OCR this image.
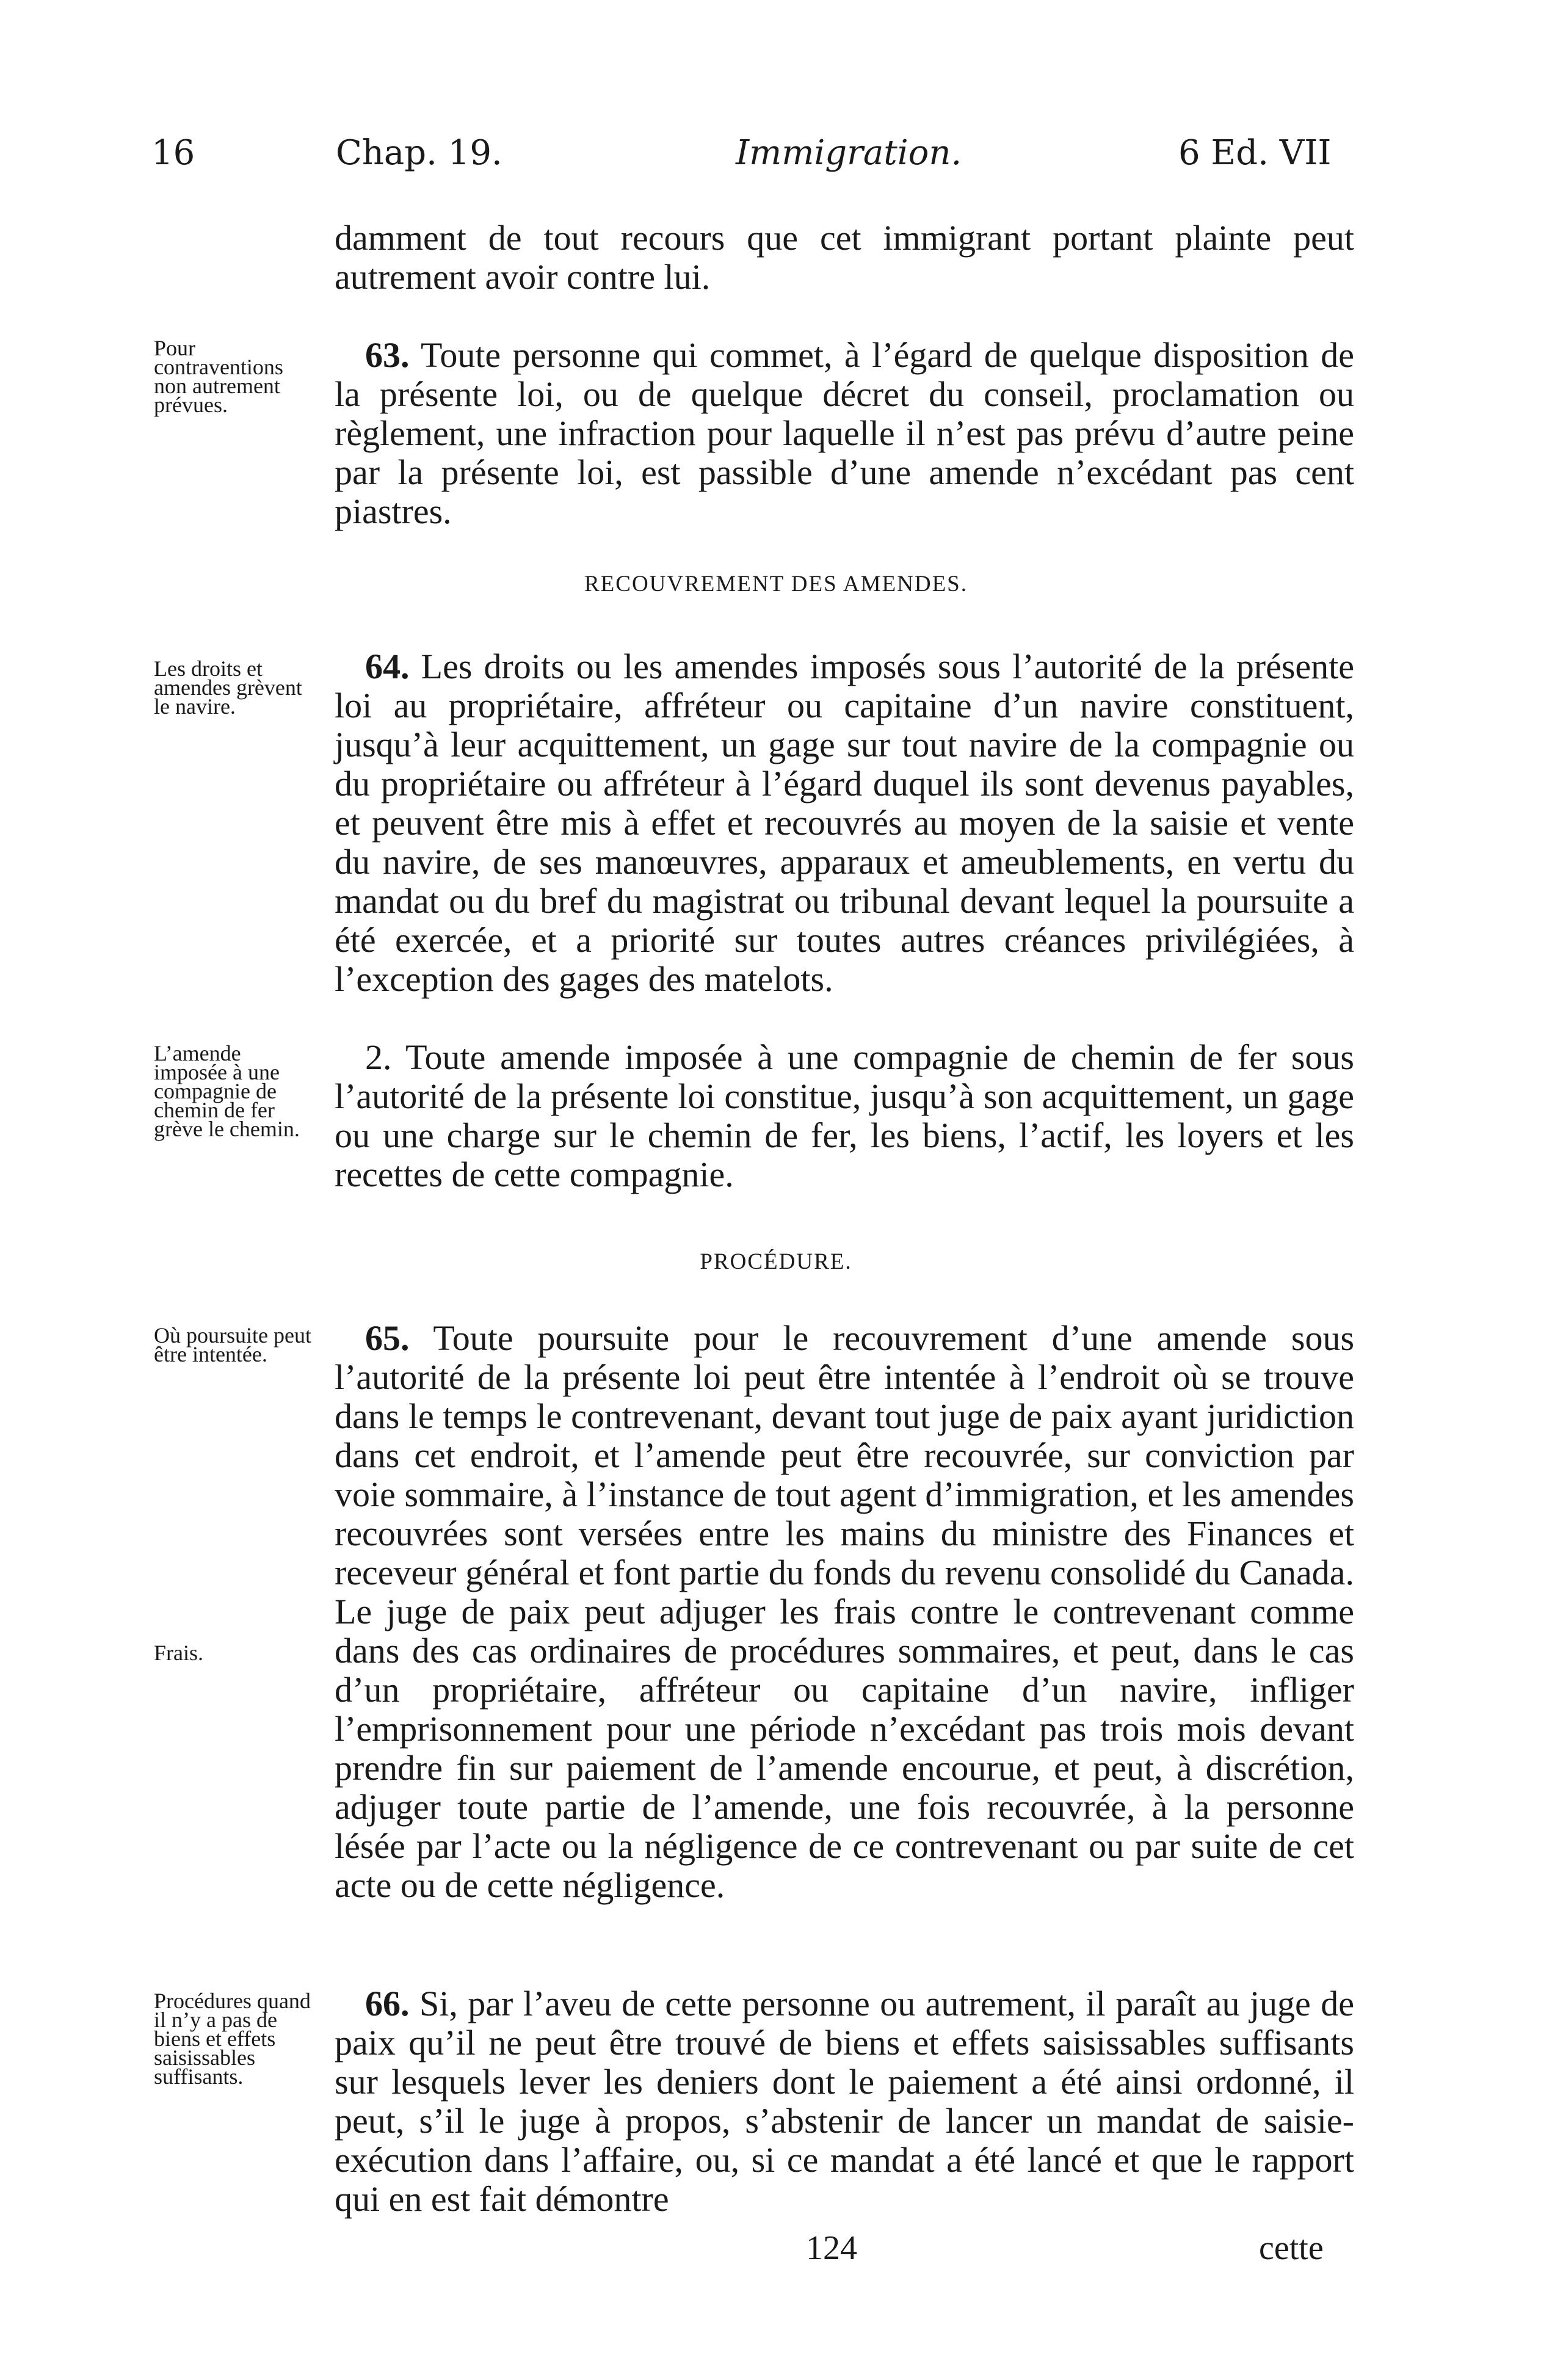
16	Chap. 19.	Immigration.	6 Ed. VII
damment de tout recours que cet immigrant portant plainte peut autrement avoir contre lui.
Pour contraventions non autrement prévues.
63. Toute personne qui commet, à l’égard de quelque disposition de la présente loi, ou de quelque décret du conseil, proclamation ou règlement, une infraction pour laquelle il n’est pas prévu d’autre peine par la présente loi, est passible d’une amende n’excédant pas cent piastres.
RECOUVREMENT DES AMENDES.
Les droits et amendes grèvent le navire.
64. Les droits ou les amendes imposés sous l’autorité de la présente loi au propriétaire, affréteur ou capitaine d’un navire constituent, jusqu’à leur acquittement, un gage sur tout navire de la compagnie ou du propriétaire ou affréteur à l’égard duquel ils sont devenus payables, et peuvent être mis à effet et recouvrés au moyen de la saisie et vente du navire, de ses manœuvres, apparaux et ameublements, en vertu du mandat ou du bref du magistrat ou tribunal devant lequel la poursuite a été exercée, et a priorité sur toutes autres créances privilégiées, à l’exception des gages des matelots.
L’amende imposée à une compagnie de chemin de fer grève le chemin.
2. Toute amende imposée à une compagnie de chemin de fer sous l’autorité de la présente loi constitue, jusqu’à son acquittement, un gage ou une charge sur le chemin de fer, les biens, l’actif, les loyers et les recettes de cette compagnie.
PROCÉDURE.
Où poursuite peut être intentée.
Frais.
65. Toute poursuite pour le recouvrement d’une amende sous l’autorité de la présente loi peut être intentée à l’endroit où se trouve dans le temps le contrevenant, devant tout juge de paix ayant juridiction dans cet endroit, et l’amende peut être recouvrée, sur conviction par voie sommaire, à l’instance de tout agent d’immigration, et les amendes recouvrées sont versées entre les mains du ministre des Finances et receveur général et font partie du fonds du revenu consolidé du Canada. Le juge de paix peut adjuger les frais contre le contrevenant comme dans des cas ordinaires de procédures sommaires, et peut, dans le cas d’un propriétaire, affréteur ou capitaine d’un navire, infliger l’emprisonnement pour une période n’excédant pas trois mois devant prendre fin sur paiement de l’amende encourue, et peut, à discrétion, adjuger toute partie de l’amende, une fois recouvrée, à la personne lésée par l’acte ou la négligence de ce contrevenant ou par suite de cet acte ou de cette négligence.
Procédures quand il n’y a pas de biens et effets saisissables suffisants.
66. Si, par l’aveu de cette personne ou autrement, il paraît au juge de paix qu’il ne peut être trouvé de biens et effets saisissables suffisants sur lesquels lever les deniers dont le paiement a été ainsi ordonné, il peut, s’il le juge à propos, s’abstenir de lancer un mandat de saisie-exécution dans l’affaire, ou, si ce mandat a été lancé et que le rapport qui en est fait démontre
124	cette
